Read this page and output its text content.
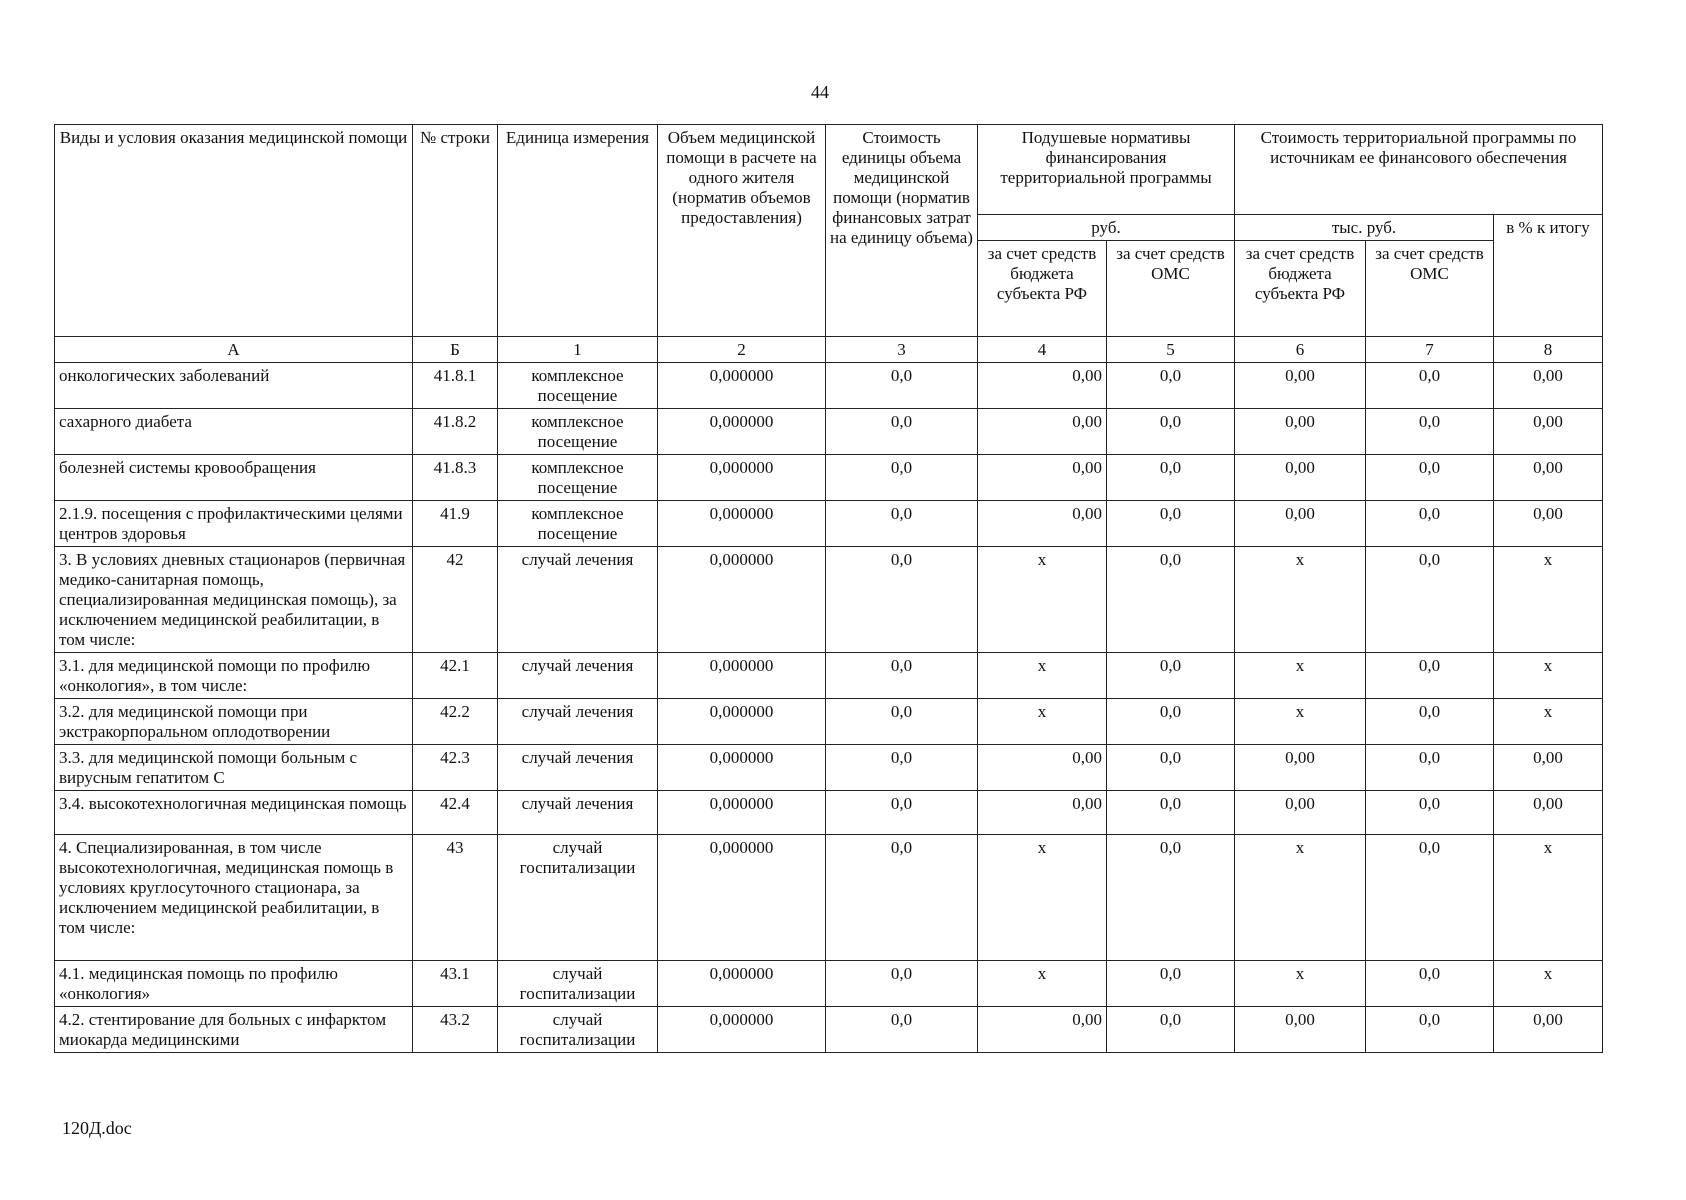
44
Виды и условия оказания медицинской помощи	№ строки	Единица измерения	Объем медицинской помощи в расчете на одного жителя (норматив объемов предоставления)	Стоимость единицы объема медицинской помощи (норматив финансовых затрат на единицу объема)	Подушевые нормативы финансирования территориальной программы		Стоимость территориальной программы по источникам ее финансового обеспечения		
					руб.		тыс. руб.		в % к итогу
					за счет средств бюджета субъекта РФ	за счет средств ОМС	за счет средств бюджета субъекта РФ	за счет средств ОМС	
А	Б	1	2	3	4	5	6	7	8
онкологических заболеваний	41.8.1	комплексное посещение	0,000000	0,0	0,00	0,0	0,00	0,0	0,00
сахарного диабета	41.8.2	комплексное посещение	0,000000	0,0	0,00	0,0	0,00	0,0	0,00
болезней системы кровообращения	41.8.3	комплексное посещение	0,000000	0,0	0,00	0,0	0,00	0,0	0,00
2.1.9. посещения с профилактическими целями центров здоровья	41.9	комплексное посещение	0,000000	0,0	0,00	0,0	0,00	0,0	0,00
3. В условиях дневных стационаров (первичная медико-санитарная помощь, специализированная медицинская помощь), за исключением медицинской реабилитации, в том числе:	42	случай лечения	0,000000	0,0	х	0,0	х	0,0	х
3.1. для медицинской помощи по профилю «онкология», в том числе:	42.1	случай лечения	0,000000	0,0	х	0,0	х	0,0	х
3.2. для медицинской помощи при экстракорпоральном оплодотворении	42.2	случай лечения	0,000000	0,0	х	0,0	х	0,0	х
3.3. для медицинской помощи больным с вирусным гепатитом С	42.3	случай лечения	0,000000	0,0	0,00	0,0	0,00	0,0	0,00
3.4. высокотехнологичная медицинская помощь	42.4	случай лечения	0,000000	0,0	0,00	0,0	0,00	0,0	0,00
4. Специализированная, в том числе высокотехнологичная, медицинская помощь в условиях круглосуточного стационара, за исключением медицинской реабилитации, в том числе:	43	случай госпитализации	0,000000	0,0	х	0,0	х	0,0	х
4.1. медицинская помощь по профилю «онкология»	43.1	случай госпитализации	0,000000	0,0	х	0,0	х	0,0	х
4.2. стентирование для больных с инфарктом миокарда медицинскими	43.2	случай госпитализации	0,000000	0,0	0,00	0,0	0,00	0,0	0,00
120Д.doc
